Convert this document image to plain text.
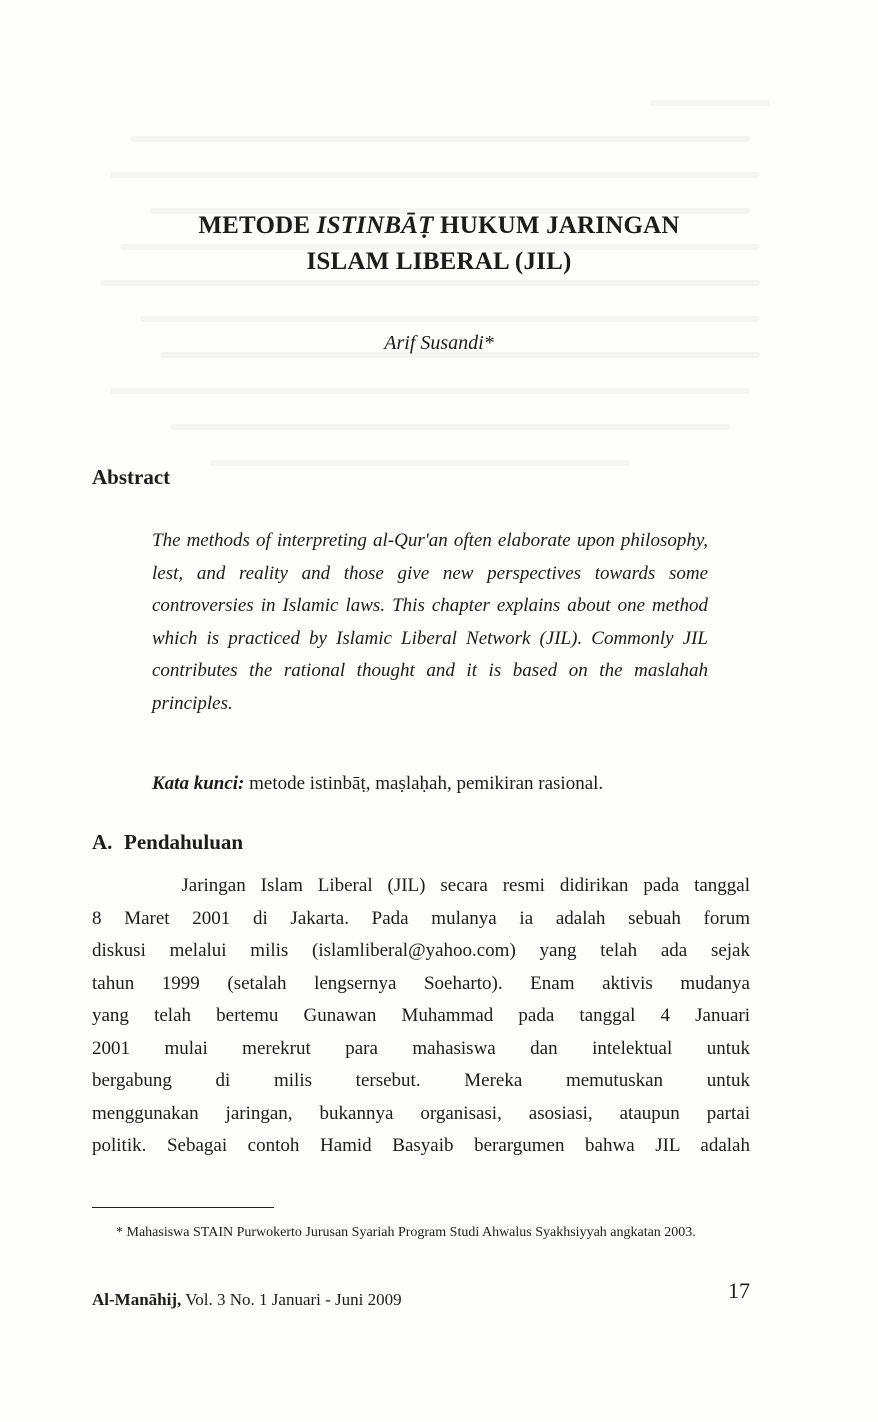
METODE ISTINBĀṬ HUKUM JARINGAN
ISLAM LIBERAL (JIL)
Arif Susandi*
Abstract
The methods of interpreting al-Qur'an often elaborate upon philosophy, lest, and reality and those give new perspectives towards some controversies in Islamic laws. This chapter explains about one method which is practiced by Islamic Liberal Network (JIL). Commonly JIL contributes the rational thought and it is based on the maslahah principles.
Kata kunci: metode istinbāṭ, maṣlaḥah, pemikiran rasional.
A. Pendahuluan
Jaringan Islam Liberal (JIL) secara resmi didirikan pada tanggal
8 Maret 2001 di Jakarta. Pada mulanya ia adalah sebuah forum
diskusi melalui milis (islamliberal@yahoo.com) yang telah ada sejak
tahun 1999 (setalah lengsernya Soeharto). Enam aktivis mudanya
yang telah bertemu Gunawan Muhammad pada tanggal 4 Januari
2001 mulai merekrut para mahasiswa dan intelektual untuk
bergabung di milis tersebut. Mereka memutuskan untuk
menggunakan jaringan, bukannya organisasi, asosiasi, ataupun partai
politik. Sebagai contoh Hamid Basyaib berargumen bahwa JIL adalah
* Mahasiswa STAIN Purwokerto Jurusan Syariah Program Studi Ahwalus Syakhsiyyah angkatan 2003.
Al-Manāhij, Vol. 3 No. 1 Januari - Juni 2009	17
